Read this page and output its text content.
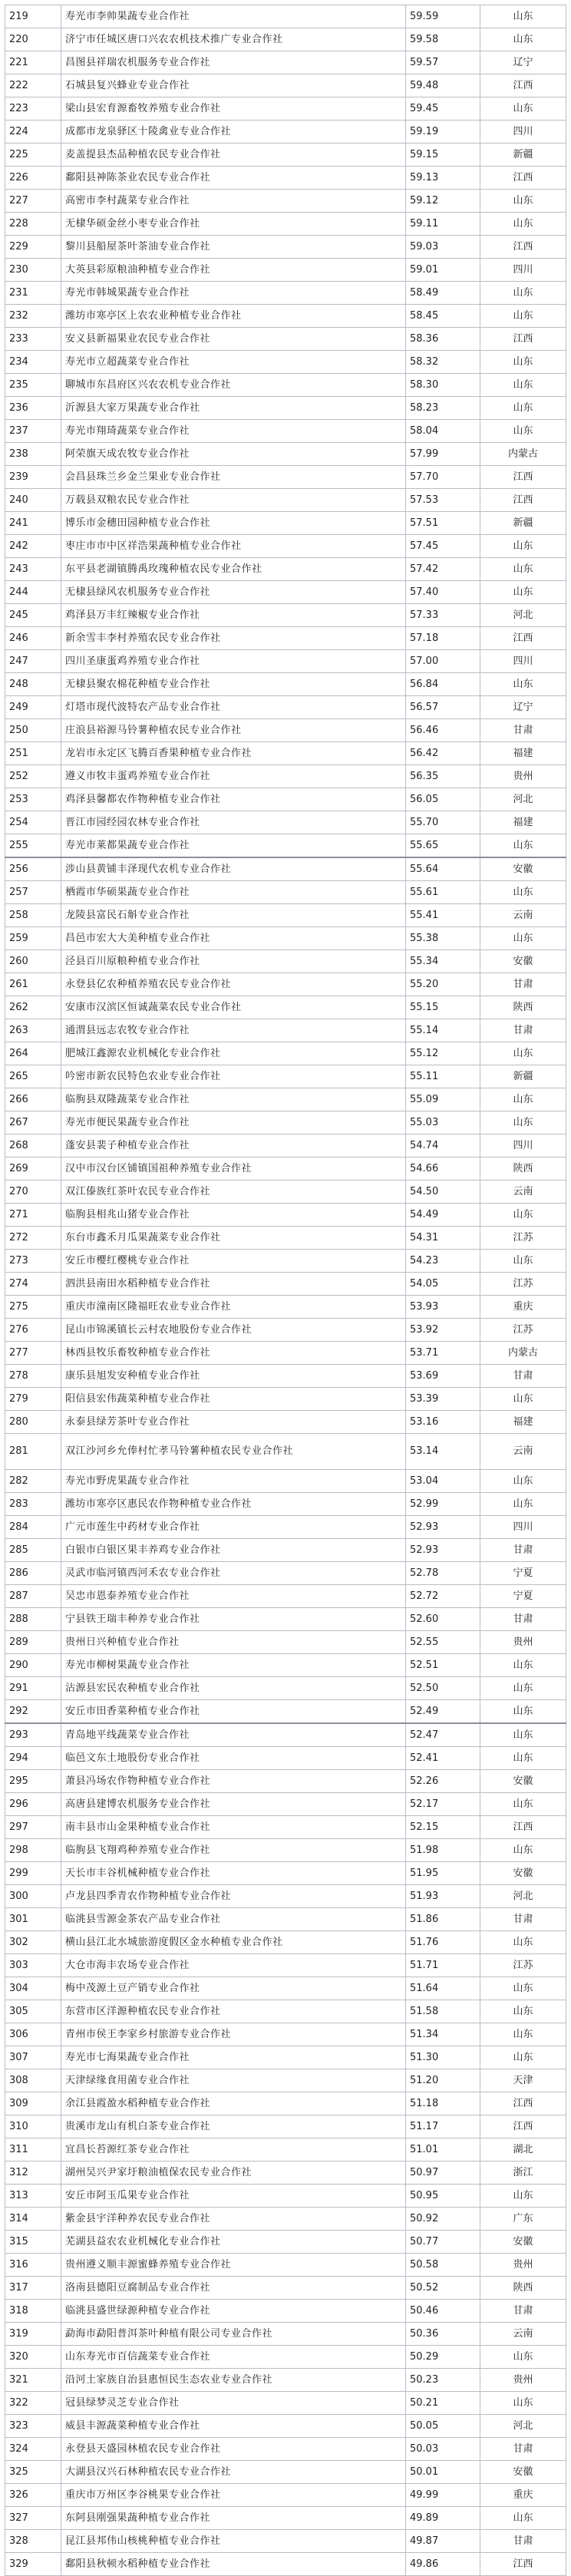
219	寿光市李帅果蔬专业合作社	59.59	山东
220	济宁市任城区唐口兴农农机技术推广专业合作社	59.58	山东
221	昌图县祥瑞农机服务专业合作社	59.57	辽宁
222	石城县复兴蜂业专业合作社	59.48	江西
223	梁山县宏育源畜牧养殖专业合作社	59.45	山东
224	成都市龙泉驿区十陵禽业专业合作社	59.19	四川
225	麦盖提县杰品种植农民专业合作社	59.15	新疆
226	鄱阳县神陈茶业农民专业合作社	59.13	江西
227	高密市李村蔬菜专业合作社	59.12	山东
228	无棣华硕金丝小枣专业合作社	59.11	山东
229	黎川县船屋茶叶茶油专业合作社	59.03	江西
230	大英县彩原粮油种植专业合作社	59.01	四川
231	寿光市韩城果蔬专业合作社	58.49	山东
232	潍坊市寒亭区上农农业种植专业合作社	58.45	山东
233	安义县新福果业农民专业合作社	58.36	江西
234	寿光市立超蔬菜专业合作社	58.32	山东
235	聊城市东昌府区兴农农机专业合作社	58.30	山东
236	沂源县大家万果蔬专业合作社	58.23	山东
237	寿光市翔琦蔬菜专业合作社	58.04	山东
238	阿荣旗天成农牧专业合作社	57.99	内蒙古
239	会昌县珠兰乡金兰果业专业合作社	57.70	江西
240	万载县双粮农民专业合作社	57.53	江西
241	博乐市金穗田园种植专业合作社	57.51	新疆
242	枣庄市市中区祥浩果蔬种植专业合作社	57.45	山东
243	东平县老湖镇腾禹玫瑰种植农民专业合作社	57.42	山东
244	无棣县绿风农机服务专业合作社	57.40	山东
245	鸡泽县万丰红辣椒专业合作社	57.33	河北
246	新余雪丰李村养殖农民专业合作社	57.18	江西
247	四川圣康蛋鸡养殖专业合作社	57.00	四川
248	无棣县聚农棉花种植专业合作社	56.84	山东
249	灯塔市现代波特农产品专业合作社	56.57	辽宁
250	庄浪县裕源马铃薯种植农民专业合作社	56.46	甘肃
251	龙岩市永定区飞腾百香果种植专业合作社	56.42	福建
252	遵义市牧丰蛋鸡养殖专业合作社	56.35	贵州
253	鸡泽县馨都农作物种植专业合作社	56.05	河北
254	晋江市园经园农林专业合作社	55.70	福建
255	寿光市莱都果蔬专业合作社	55.65	山东
256	涉山县黄铺丰泽现代农机专业合作社	55.64	安徽
257	栖霞市华硕果蔬专业合作社	55.61	山东
258	龙陵县富民石斛专业合作社	55.41	云南
259	昌邑市宏大大美种植专业合作社	55.38	山东
260	泾县百川原粮种植专业合作社	55.34	安徽
261	永登县亿农种植养殖农民专业合作社	55.20	甘肃
262	安康市汉滨区恒诚蔬菜农民专业合作社	55.15	陕西
263	通渭县远志农牧专业合作社	55.14	甘肃
264	肥城江鑫源农业机械化专业合作社	55.12	山东
265	吟密市新农民特色农业专业合作社	55.11	新疆
266	临朐县双隆蔬菜专业合作社	55.09	山东
267	寿光市便民果蔬专业合作社	55.03	山东
268	蓬安县裴子种植专业合作社	54.74	四川
269	汉中市汉台区铺镇国祖种养殖专业合作社	54.66	陕西
270	双江傣族红茶叶农民专业合作社	54.50	云南
271	临朐县相兆山猪专业合作社	54.49	山东
272	东台市鑫禾月瓜果蔬菜专业合作社	54.31	江苏
273	安丘市樱红樱桃专业合作社	54.23	山东
274	泗洪县南田水稻种植专业合作社	54.05	江苏
275	重庆市潼南区隆福旺农业专业合作社	53.93	重庆
276	昆山市锦溪镇长云村农地股份专业合作社	53.92	江苏
277	林西县牧乐畜牧种植专业合作社	53.71	内蒙古
278	康乐县旭发安种植专业合作社	53.69	甘肃
279	阳信县宏伟蔬菜种植专业合作社	53.39	山东
280	永泰县绿芳茶叶专业合作社	53.16	福建
281	双江沙河乡允俸村忙孝马铃薯种植农民专业合作社	53.14	云南
282	寿光市野虎果蔬专业合作社	53.04	山东
283	潍坊市寒亭区惠民农作物种植专业合作社	52.99	山东
284	广元市莲生中药材专业合作社	52.93	四川
285	白银市白银区果丰养鸡专业合作社	52.93	甘肃
286	灵武市临河镇西河禾农专业合作社	52.78	宁夏
287	吴忠市恩泰养殖专业合作社	52.72	宁夏
288	宁县铁王瑞丰种养专业合作社	52.60	甘肃
289	贵州日兴种植专业合作社	52.55	贵州
290	寿光市柳树果蔬专业合作社	52.51	山东
291	沾源县宏民农种植专业合作社	52.50	山东
292	安丘市田香菜种植专业合作社	52.49	山东
293	青岛地平线蔬菜专业合作社	52.47	山东
294	临邑文东土地股份专业合作社	52.41	山东
295	萧县冯场农作物种植专业合作社	52.26	安徽
296	高唐县建博农机服务专业合作社	52.17	山东
297	南丰县市山金果种植专业合作社	52.15	江西
298	临朐县飞翔鸡种养殖专业合作社	51.98	山东
299	天长市丰谷机械种植专业合作社	51.95	安徽
300	卢龙县四季青农作物种植专业合作社	51.93	河北
301	临洮县雪源金茶农产品专业合作社	51.86	甘肃
302	横山县江北水城旅游度假区金水种植专业合作社	51.76	山东
303	大仓市海丰农场专业合作社	51.71	江苏
304	梅中茂源土豆产销专业合作社	51.64	山东
305	东营市区洋源种植农民专业合作社	51.58	山东
306	青州市侯王李家乡村旅游专业合作社	51.34	山东
307	寿光市七海果蔬专业合作社	51.30	山东
308	天津绿缘食用菌专业合作社	51.20	天津
309	余江县霞盈水稻种植专业合作社	51.18	江西
310	贵溪市龙山有机白茶专业合作社	51.17	江西
311	宜昌长苔源红茶专业合作社	51.01	湖北
312	湖州吴兴尹家圩粮油植保农民专业合作社	50.97	浙江
313	安丘市阿玉瓜果专业合作社	50.95	山东
314	紫金县宇洋种养农民专业合作社	50.92	广东
315	芜湖县益农农业机械化专业合作社	50.77	安徽
316	贵州遵义顺丰源蜜蜂养殖专业合作社	50.58	贵州
317	洛南县德阳豆腐制品专业合作社	50.52	陕西
318	临洮县盛世绿源种植专业合作社	50.46	甘肃
319	勐海市勐阳普洱茶叶种植有限公司专业合作社	50.36	云南
320	山东寿光市百信蔬菜专业合作社	50.29	山东
321	沿河土家族自治县惠恒民生态农业专业合作社	50.23	贵州
322	冠县绿梦灵芝专业合作社	50.21	山东
323	威县丰源蔬菜种植专业合作社	50.05	河北
324	永登县天盛园林植农民专业合作社	50.03	甘肃
325	大湖县汉兴石林种植农民专业合作社	50.01	安徽
326	重庆市万州区李谷桃果专业合作社	49.99	重庆
327	东阿县刚强果蔬种植专业合作社	49.89	山东
328	昆江县邦伟山核桃种植专业合作社	49.87	甘肃
329	鄱阳县秋顿水稻种植专业合作社	49.86	江西
